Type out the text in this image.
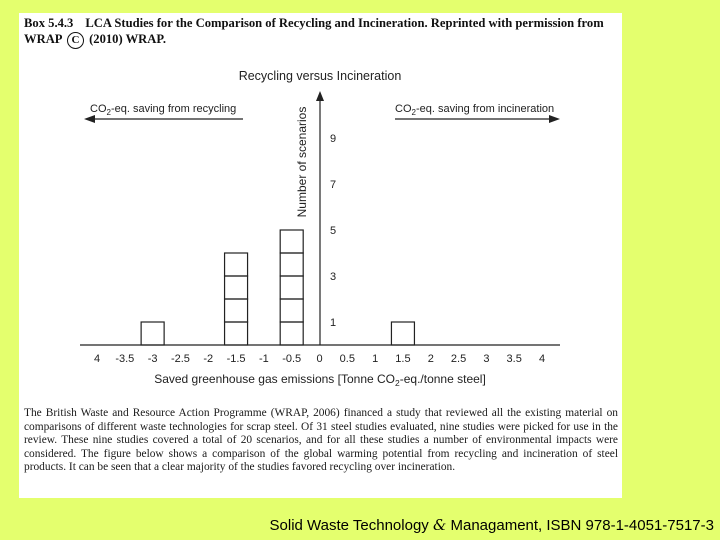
Box 5.4.3 LCA Studies for the Comparison of Recycling and Incineration. Reprinted with permission from
WRAP C (2010) WRAP.
Recycling versus Incineration
$CO_2-eq$. saving from recycling	$CO_2-eq$. saving from incineration
1
3
5
7
9
4 -3.5 -3 -2.5 -2 -1.5 -1 -0.5 0 0.5 1 1.5 2 2.5 3 3.5 4
Number of scenarios
Saved greenhouse gas emissions [Tonne $CO_2-eq$./tonne steel]
The British Waste and Resource Action Programme (WRAP, 2006) financed a study that reviewed all the existing material on comparisons of different waste technologies for scrap steel. Of 31 steel studies evaluated, nine studies were picked for use in the review. These nine studies covered a total of 20 scenarios, and for all these studies a number of environmental impacts were considered. The figure below shows a comparison of the global warming potential from recycling and incineration of steel products. It can be seen that a clear majority of the studies favored recycling over incineration.
Solid Waste Technology & Managament, ISBN 978-1-4051-7517-3
